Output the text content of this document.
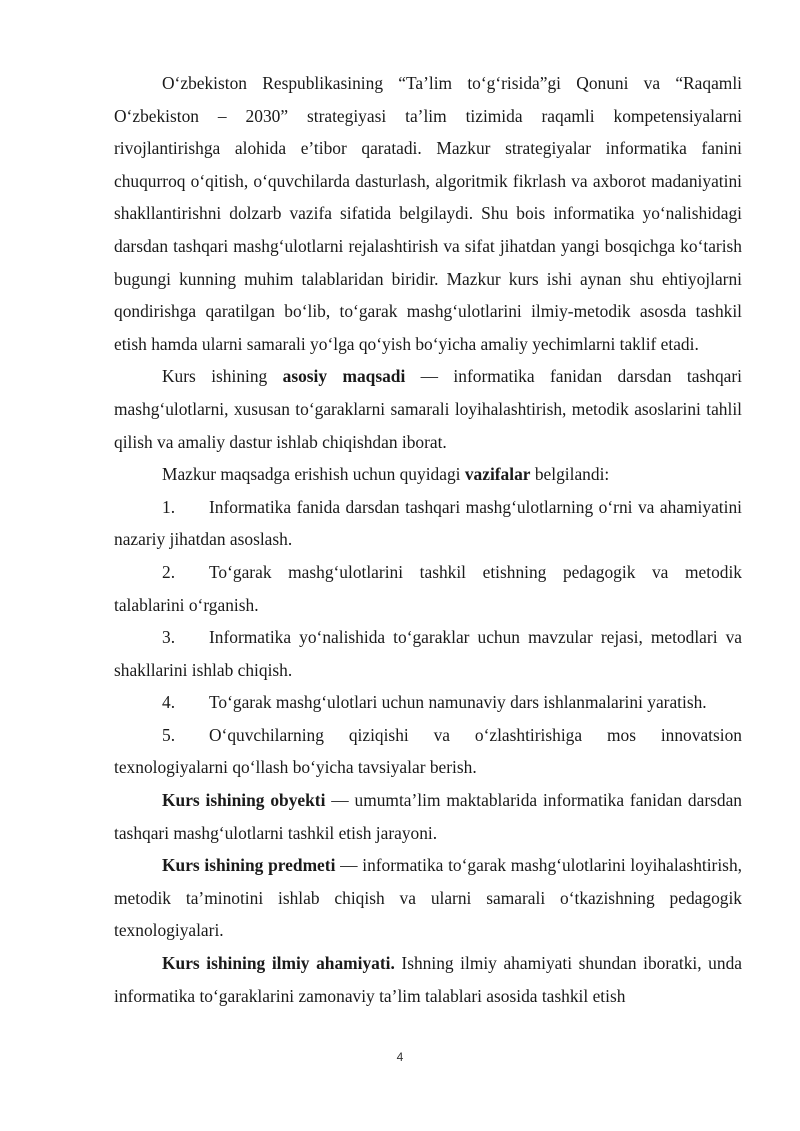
O‘zbekiston Respublikasining “Ta’lim to‘g‘risida”gi Qonuni va “Raqamli O‘zbekiston – 2030” strategiyasi ta’lim tizimida raqamli kompetensiyalarni rivojlantirishga alohida e’tibor qaratadi. Mazkur strategiyalar informatika fanini chuqurroq o‘qitish, o‘quvchilarda dasturlash, algoritmik fikrlash va axborot madaniyatini shakllantirishni dolzarb vazifa sifatida belgilaydi. Shu bois informatika yo‘nalishidagi darsdan tashqari mashg‘ulotlarni rejalashtirish va sifat jihatdan yangi bosqichga ko‘tarish bugungi kunning muhim talablaridan biridir. Mazkur kurs ishi aynan shu ehtiyojlarni qondirishga qaratilgan bo‘lib, to‘garak mashg‘ulotlarini ilmiy-metodik asosda tashkil etish hamda ularni samarali yo‘lga qo‘yish bo‘yicha amaliy yechimlarni taklif etadi.

Kurs ishining asosiy maqsadi — informatika fanidan darsdan tashqari mashg‘ulotlarni, xususan to‘garaklarni samarali loyihalashtirish, metodik asoslarini tahlil qilish va amaliy dastur ishlab chiqishdan iborat.

Mazkur maqsadga erishish uchun quyidagi vazifalar belgilandi:

1. Informatika fanida darsdan tashqari mashg‘ulotlarning o‘rni va ahamiyatini nazariy jihatdan asoslash.

2. To‘garak mashg‘ulotlarini tashkil etishning pedagogik va metodik talablarini o‘rganish.

3. Informatika yo‘nalishida to‘garaklar uchun mavzular rejasi, metodlari va shakllarini ishlab chiqish.

4. To‘garak mashg‘ulotlari uchun namunaviy dars ishlanmalarini yaratish.

5. O‘quvchilarning qiziqishi va o‘zlashtirishiga mos innovatsion texnologiyalarni qo‘llash bo‘yicha tavsiyalar berish.

Kurs ishining obyekti — umumta’lim maktablarida informatika fanidan darsdan tashqari mashg‘ulotlarni tashkil etish jarayoni.

Kurs ishining predmeti — informatika to‘garak mashg‘ulotlarini loyihalashtirish, metodik ta’minotini ishlab chiqish va ularni samarali o‘tkazishning pedagogik texnologiyalari.

Kurs ishining ilmiy ahamiyati. Ishning ilmiy ahamiyati shundan iboratki, unda informatika to‘garaklarini zamonaviy ta’lim talablari asosida tashkil etish

4
